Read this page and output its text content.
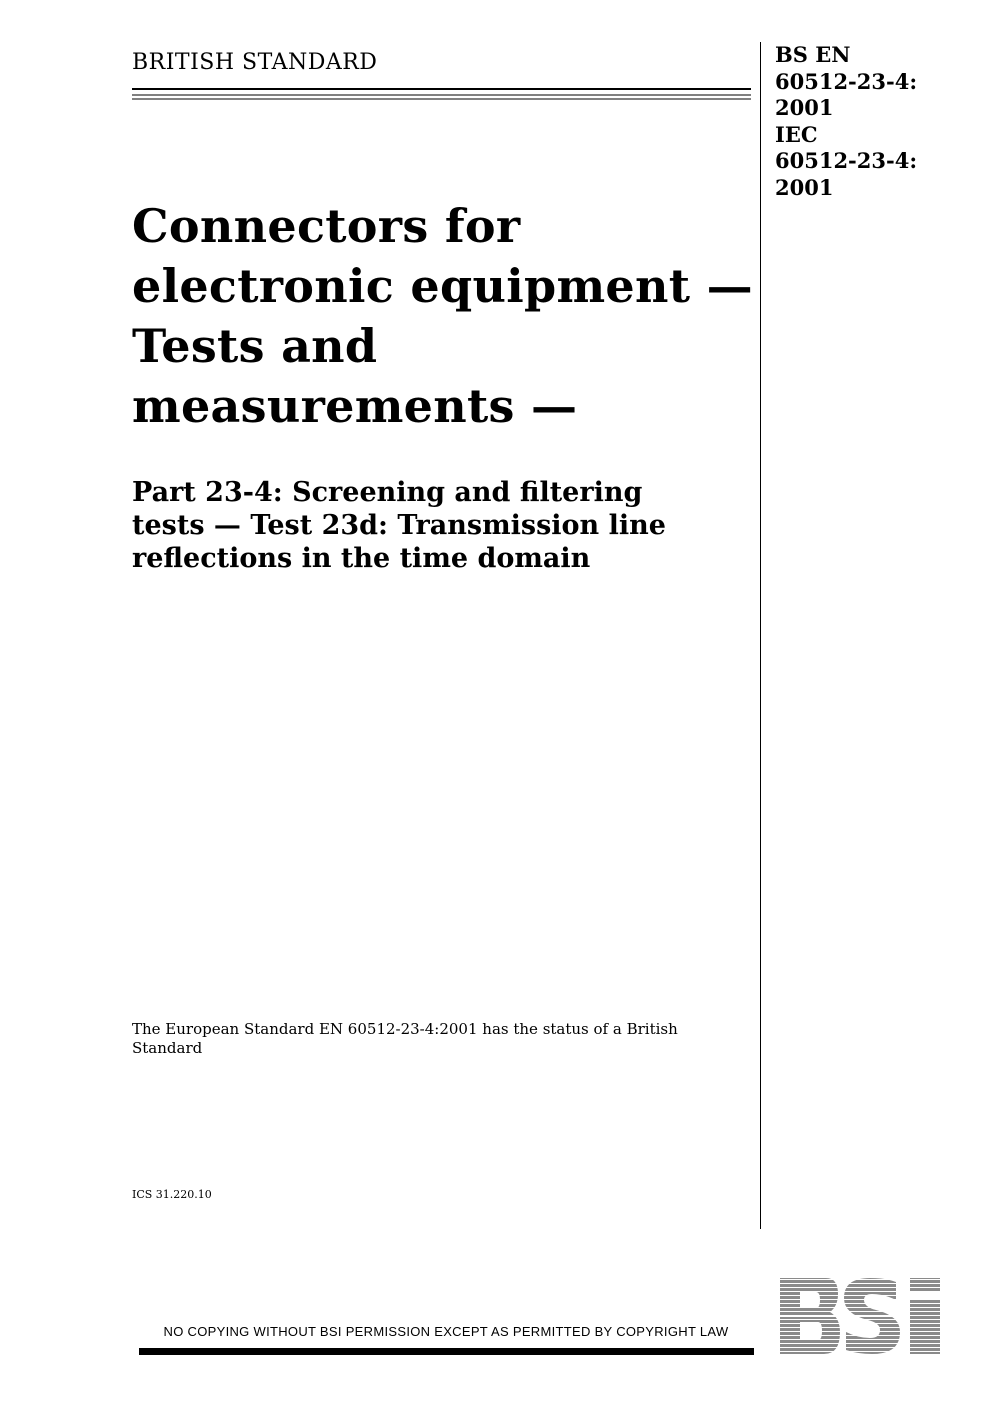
BRITISH STANDARD	BS EN
60512-23-4:
2001
IEC
60512-23-4:
2001
Connectors for
electronic equipment —
Tests and
measurements —
Part 23-4: Screening and filtering
tests — Test 23d: Transmission line
reflections in the time domain
The European Standard EN 60512-23-4:2001 has the status of a British Standard
ICS 31.220.10
NO COPYING WITHOUT BSI PERMISSION EXCEPT AS PERMITTED BY COPYRIGHT LAW
